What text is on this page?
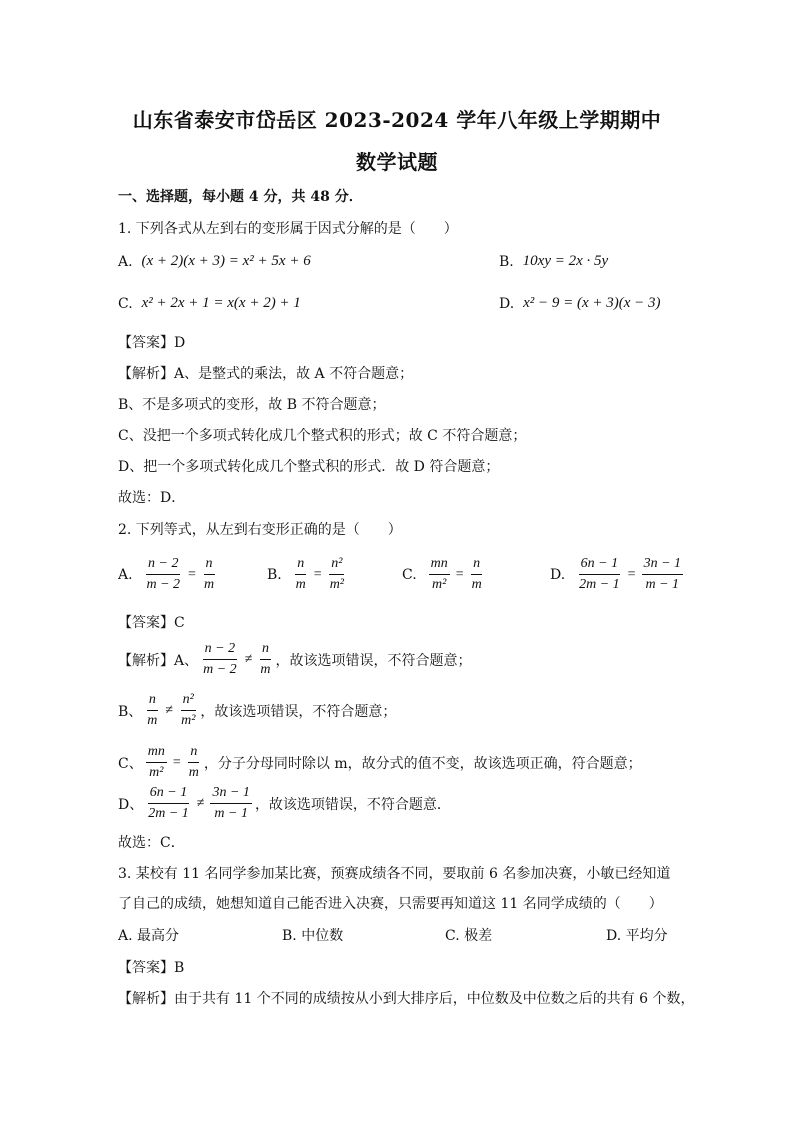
山东省泰安市岱岳区 2023-2024 学年八年级上学期期中
数学试题
一、选择题，每小题 4 分，共 48 分．
1. 下列各式从左到右的变形属于因式分解的是（　　）
A.
(x + 2)(x + 3) = x² + 5x + 6	B.
10xy = 2x · 5y
C.
x² + 2x + 1 = x(x + 2) + 1	D.
x² − 9 = (x + 3)(x − 3)
【答案】D
【解析】A、是整式的乘法，故 A 不符合题意；
B、不是多项式的变形，故 B 不符合题意；
C、没把一个多项式转化成几个整式积的形式；故 C 不符合题意；
D、把一个多项式转化成几个整式积的形式．故 D 符合题意；
故选：D．
2. 下列等式，从左到右变形正确的是（　　）
A.
$\frac{n - 2}{m - 2} = \frac{n}{m}$	B.
$\frac{n}{m} = \frac{\text{n²}}{\text{m²}}$	C.
$\frac{mn}{\text{m²}} = \frac{n}{m}$	D.
$\frac{6n - 1}{2m - 1} = \frac{3n - 1}{m - 1}$
【答案】C
【解析】A、 $\frac{n - 2}{m - 2} \ne \frac{n}{m}$ ，故该选项错误，不符合题意；
B、 $\frac{n}{m} \ne \frac{\text{n²}}{\text{m²}}$ ，故该选项错误，不符合题意；
C、 $\frac{mn}{\text{m²}} = \frac{n}{m}$ ，分子分母同时除以 m，故分式的值不变，故该选项正确，符合题意；
D、 $\frac{6n - 1}{2m - 1} \ne \frac{3n - 1}{m - 1}$ ，故该选项错误，不符合题意．
故选：C．
3. 某校有 11 名同学参加某比赛，预赛成绩各不同，要取前 6 名参加决赛，小敏已经知道
了自己的成绩，她想知道自己能否进入决赛，只需要再知道这 11 名同学成绩的（　　）
A. 最高分	B. 中位数	C. 极差	D. 平均分
【答案】B
【解析】由于共有 11 个不同的成绩按从小到大排序后，中位数及中位数之后的共有 6 个数，
